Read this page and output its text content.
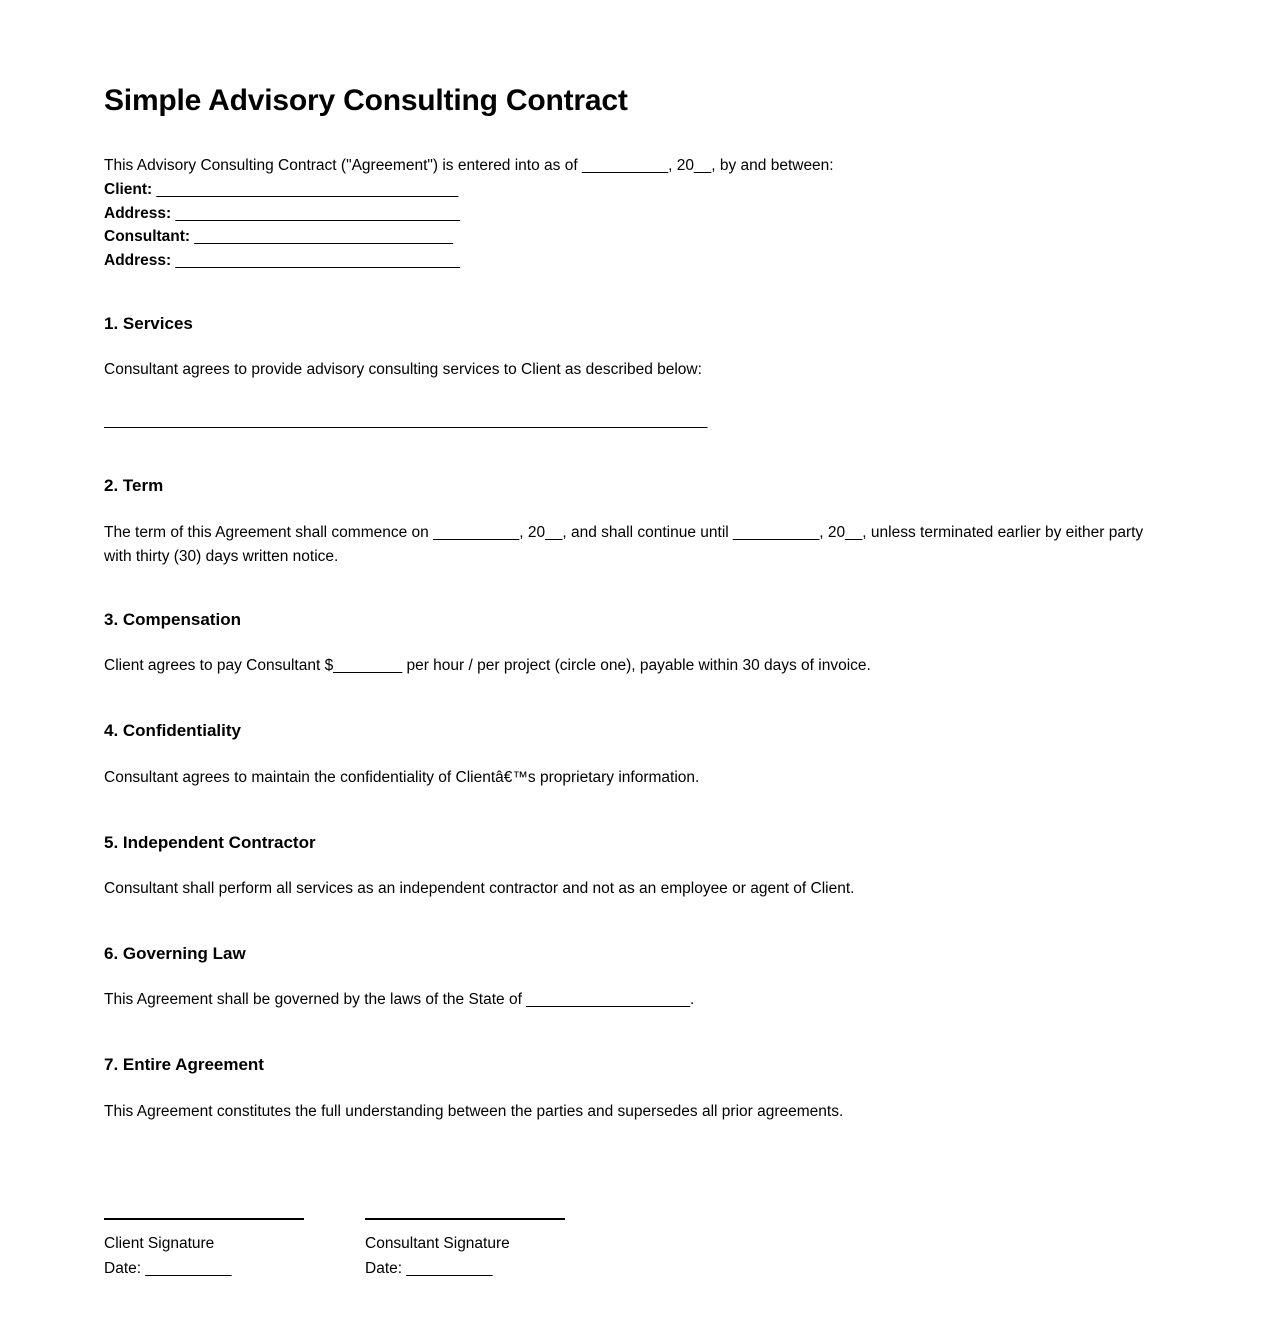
Simple Advisory Consulting Contract

This Advisory Consulting Contract ("Agreement") is entered into as of __________, 20__, by and between:

Client: ___________________________________

Address: _________________________________

Consultant: ______________________________

Address: _________________________________

1. Services

Consultant agrees to provide advisory consulting services to Client as described below:

______________________________________________________________________

2. Term

The term of this Agreement shall commence on __________, 20__, and shall continue until __________, 20__, unless terminated earlier by either party with thirty (30) days written notice.

3. Compensation

Client agrees to pay Consultant $________ per hour / per project (circle one), payable within 30 days of invoice.

4. Confidentiality

Consultant agrees to maintain the confidentiality of Clientâ€™s proprietary information.

5. Independent Contractor

Consultant shall perform all services as an independent contractor and not as an employee or agent of Client.

6. Governing Law

This Agreement shall be governed by the laws of the State of ___________________.

7. Entire Agreement

This Agreement constitutes the full understanding between the parties and supersedes all prior agreements.

Client Signature

Date: __________

Consultant Signature

Date: __________
